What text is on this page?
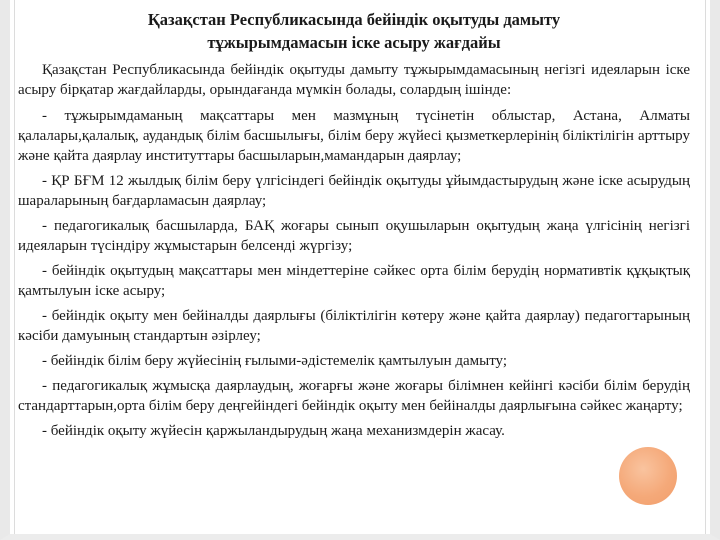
Қазақстан Республикасында бейіндік оқытуды дамыту
тұжырымдамасын іске асыру жағдайы

Қазақстан Республикасында бейіндік оқытуды дамыту тұжырымдамасының негізгі идеяларын іске асыру бірқатар жағдайларды, орындағанда мүмкін болады, солардың ішінде:

- тұжырымдаманың мақсаттары мен мазмұның түсінетін облыстар, Астана, Алматы қалалары,қалалық, аудандық білім басшылығы, білім беру жүйесі қызметкерлерінің біліктілігін арттыру және қайта даярлау институттары басшыларын,мамандарын даярлау;

- ҚР БҒМ 12 жылдық білім беру үлгісіндегі бейіндік оқытуды ұйымдастырудың және іске асырудың шараларының бағдарламасын даярлау;

- педагогикалық басшыларда, БАҚ жоғары сынып оқушыларын оқытудың жаңа үлгісінің негізгі идеяларын түсіндіру жұмыстарын белсенді жүргізу;

- бейіндік оқытудың мақсаттары мен міндеттеріне сәйкес орта білім берудің нормативтік құқықтық қамтылуын іске асыру;

- бейіндік оқыту мен бейіналды даярлығы (біліктілігін көтеру және қайта даярлау) педагогтарының кәсіби дамуының стандартын әзірлеу;

- бейіндік білім беру жүйесінің ғылыми-әдістемелік қамтылуын дамыту;

- педагогикалық жұмысқа даярлаудың, жоғарғы және жоғары білімнен кейінгі кәсіби білім берудің стандарттарын,орта білім беру деңгейіндегі бейіндік оқыту мен бейіналды даярлығына сәйкес жаңарту;

- бейіндік оқыту жүйесін қаржыландырудың жаңа механизмдерін жасау.
